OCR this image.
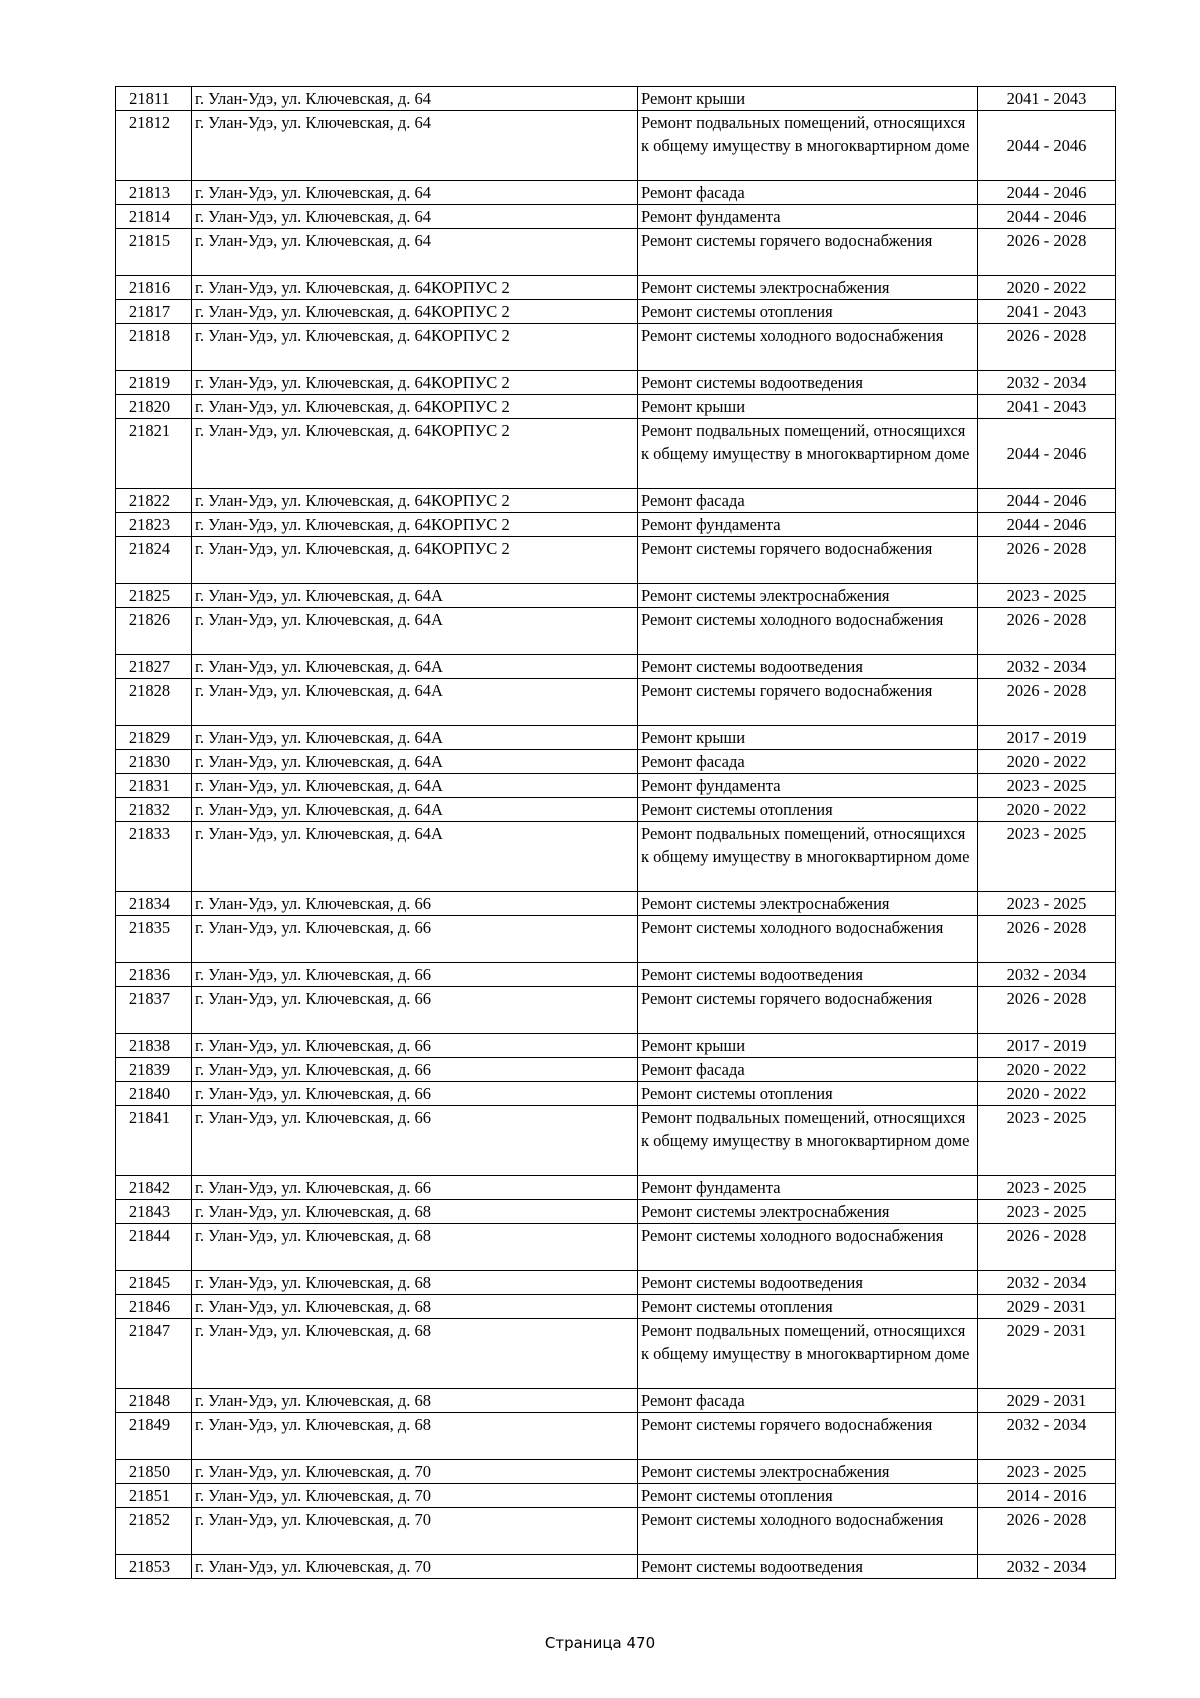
21811	г. Улан-Удэ, ул. Ключевская, д. 64	Ремонт крыши	2041 - 2043
21812	г. Улан-Удэ, ул. Ключевская, д. 64	Ремонт подвальных помещений, относящихся к общему имуществу в многоквартирном доме	2044 - 2046
21813	г. Улан-Удэ, ул. Ключевская, д. 64	Ремонт фасада	2044 - 2046
21814	г. Улан-Удэ, ул. Ключевская, д. 64	Ремонт фундамента	2044 - 2046
21815	г. Улан-Удэ, ул. Ключевская, д. 64	Ремонт системы горячего водоснабжения	2026 - 2028
21816	г. Улан-Удэ, ул. Ключевская, д. 64КОРПУС 2	Ремонт системы электроснабжения	2020 - 2022
21817	г. Улан-Удэ, ул. Ключевская, д. 64КОРПУС 2	Ремонт системы отопления	2041 - 2043
21818	г. Улан-Удэ, ул. Ключевская, д. 64КОРПУС 2	Ремонт системы холодного водоснабжения	2026 - 2028
21819	г. Улан-Удэ, ул. Ключевская, д. 64КОРПУС 2	Ремонт системы водоотведения	2032 - 2034
21820	г. Улан-Удэ, ул. Ключевская, д. 64КОРПУС 2	Ремонт крыши	2041 - 2043
21821	г. Улан-Удэ, ул. Ключевская, д. 64КОРПУС 2	Ремонт подвальных помещений, относящихся к общему имуществу в многоквартирном доме	2044 - 2046
21822	г. Улан-Удэ, ул. Ключевская, д. 64КОРПУС 2	Ремонт фасада	2044 - 2046
21823	г. Улан-Удэ, ул. Ключевская, д. 64КОРПУС 2	Ремонт фундамента	2044 - 2046
21824	г. Улан-Удэ, ул. Ключевская, д. 64КОРПУС 2	Ремонт системы горячего водоснабжения	2026 - 2028
21825	г. Улан-Удэ, ул. Ключевская, д. 64А	Ремонт системы электроснабжения	2023 - 2025
21826	г. Улан-Удэ, ул. Ключевская, д. 64А	Ремонт системы холодного водоснабжения	2026 - 2028
21827	г. Улан-Удэ, ул. Ключевская, д. 64А	Ремонт системы водоотведения	2032 - 2034
21828	г. Улан-Удэ, ул. Ключевская, д. 64А	Ремонт системы горячего водоснабжения	2026 - 2028
21829	г. Улан-Удэ, ул. Ключевская, д. 64А	Ремонт крыши	2017 - 2019
21830	г. Улан-Удэ, ул. Ключевская, д. 64А	Ремонт фасада	2020 - 2022
21831	г. Улан-Удэ, ул. Ключевская, д. 64А	Ремонт фундамента	2023 - 2025
21832	г. Улан-Удэ, ул. Ключевская, д. 64А	Ремонт системы отопления	2020 - 2022
21833	г. Улан-Удэ, ул. Ключевская, д. 64А	Ремонт подвальных помещений, относящихся к общему имуществу в многоквартирном доме	2023 - 2025
21834	г. Улан-Удэ, ул. Ключевская, д. 66	Ремонт системы электроснабжения	2023 - 2025
21835	г. Улан-Удэ, ул. Ключевская, д. 66	Ремонт системы холодного водоснабжения	2026 - 2028
21836	г. Улан-Удэ, ул. Ключевская, д. 66	Ремонт системы водоотведения	2032 - 2034
21837	г. Улан-Удэ, ул. Ключевская, д. 66	Ремонт системы горячего водоснабжения	2026 - 2028
21838	г. Улан-Удэ, ул. Ключевская, д. 66	Ремонт крыши	2017 - 2019
21839	г. Улан-Удэ, ул. Ключевская, д. 66	Ремонт фасада	2020 - 2022
21840	г. Улан-Удэ, ул. Ключевская, д. 66	Ремонт системы отопления	2020 - 2022
21841	г. Улан-Удэ, ул. Ключевская, д. 66	Ремонт подвальных помещений, относящихся к общему имуществу в многоквартирном доме	2023 - 2025
21842	г. Улан-Удэ, ул. Ключевская, д. 66	Ремонт фундамента	2023 - 2025
21843	г. Улан-Удэ, ул. Ключевская, д. 68	Ремонт системы электроснабжения	2023 - 2025
21844	г. Улан-Удэ, ул. Ключевская, д. 68	Ремонт системы холодного водоснабжения	2026 - 2028
21845	г. Улан-Удэ, ул. Ключевская, д. 68	Ремонт системы водоотведения	2032 - 2034
21846	г. Улан-Удэ, ул. Ключевская, д. 68	Ремонт системы отопления	2029 - 2031
21847	г. Улан-Удэ, ул. Ключевская, д. 68	Ремонт подвальных помещений, относящихся к общему имуществу в многоквартирном доме	2029 - 2031
21848	г. Улан-Удэ, ул. Ключевская, д. 68	Ремонт фасада	2029 - 2031
21849	г. Улан-Удэ, ул. Ключевская, д. 68	Ремонт системы горячего водоснабжения	2032 - 2034
21850	г. Улан-Удэ, ул. Ключевская, д. 70	Ремонт системы электроснабжения	2023 - 2025
21851	г. Улан-Удэ, ул. Ключевская, д. 70	Ремонт системы отопления	2014 - 2016
21852	г. Улан-Удэ, ул. Ключевская, д. 70	Ремонт системы холодного водоснабжения	2026 - 2028
21853	г. Улан-Удэ, ул. Ключевская, д. 70	Ремонт системы водоотведения	2032 - 2034
Страница 470
